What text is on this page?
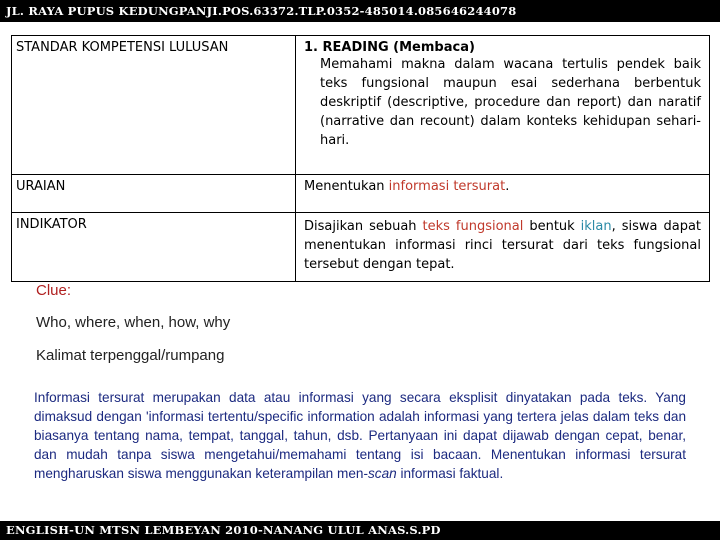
JL. RAYA PUPUS KEDUNGPANJI.POS.63372.TLP.0352-485014.085646244078
STANDAR KOMPETENSI LULUSAN	1. READING (Membaca)
Memahami makna dalam wacana tertulis pendek baik teks fungsional maupun esai sederhana berbentuk deskriptif (descriptive, procedure dan report) dan naratif (narrative dan recount) dalam konteks kehidupan sehari-hari.

URAIAN	Menentukan informasi tersurat.
INDIKATOR	Disajikan sebuah teks fungsional bentuk iklan, siswa dapat menentukan informasi rinci tersurat dari teks fungsional tersebut dengan tepat.
Clue:
Who, where, when, how, why
Kalimat terpenggal/rumpang
Informasi tersurat merupakan data atau informasi yang secara eksplisit dinyatakan pada teks. Yang dimaksud dengan 'informasi tertentu/specific information adalah informasi yang tertera jelas dalam teks dan biasanya tentang nama, tempat, tanggal, tahun, dsb. Pertanyaan ini dapat dijawab dengan cepat, benar, dan mudah tanpa siswa mengetahui/memahami tentang isi bacaan. Menentukan informasi tersurat mengharuskan siswa menggunakan keterampilan men-scan informasi faktual.
ENGLISH-UN MTSN LEMBEYAN 2010-NANANG ULUL ANAS.S.PD
